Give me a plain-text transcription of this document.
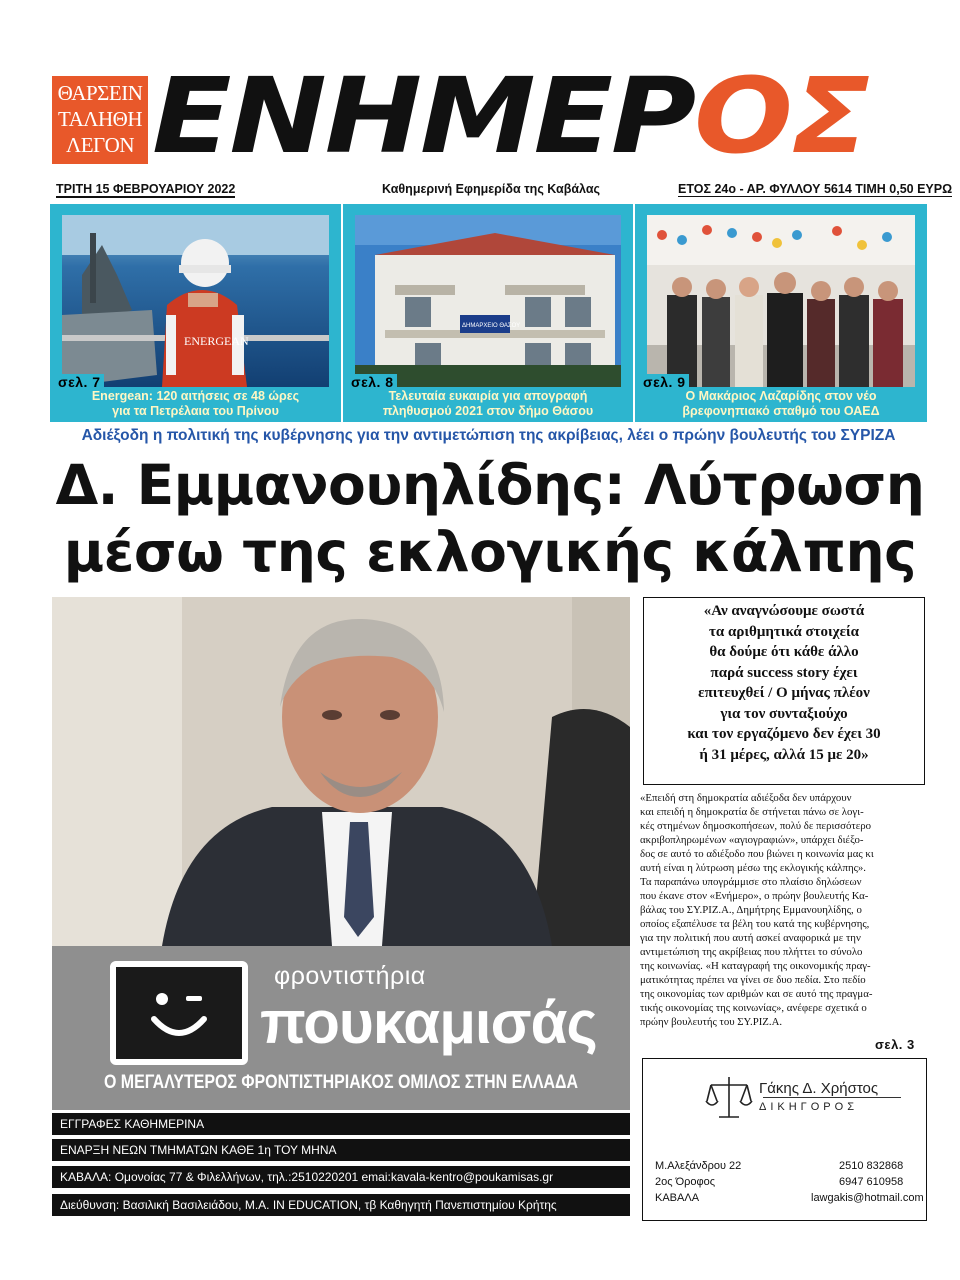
ΘΑΡΣΕΙΝ
ΤΑΛΗΘΗ
ΛΕΓΟΝ ΕΝΗΜΕΡΟΣ
ΤΡΙΤΗ 15 ΦΕΒΡΟΥΑΡΙΟΥ 2022	Καθημερινή Εφημερίδα της Καβάλας	ΕΤΟΣ 24ο - ΑΡ. ΦΥΛΛΟΥ 5614 ΤΙΜΗ 0,50 ΕΥΡΩ
ENERGEAN
σελ. 7
Energean: 120 αιτήσεις σε 48 ώρες
για τα Πετρέλαια του Πρίνου
ΔΗΜΑΡΧΕΙΟ ΘΑΣΟΥ
σελ. 8
Τελευταία ευκαιρία για απογραφή
πληθυσμού 2021 στον δήμο Θάσου
σελ. 9
Ο Μακάριος Λαζαρίδης στον νέο
βρεφονηπιακό σταθμό του ΟΑΕΔ
Αδιέξοδη η πολιτική της κυβέρνησης για την αντιμετώπιση της ακρίβειας, λέει ο πρώην βουλευτής του ΣΥΡΙΖΑ
Δ. Εμμανουηλίδης: Λύτρωση
μέσω της εκλογικής κάλπης
«Αν αναγνώσουμε σωστά
τα αριθμητικά στοιχεία
θα δούμε ότι κάθε άλλο
παρά success story έχει
επιτευχθεί / Ο μήνας πλέον
για τον συνταξιούχο
και τον εργαζόμενο δεν έχει 30
ή 31 μέρες, αλλά 15 με 20»
«Επειδή στη δημοκρατία αδιέξοδα δεν υπάρχουν
και επειδή η δημοκρατία δε στήνεται πάνω σε λογι-
κές στημένων δημοσκοπήσεων, πολύ δε περισσότερο
ακριβοπληρωμένων «αγιογραφιών», υπάρχει διέξο-
δος σε αυτό το αδιέξοδο που βιώνει η κοινωνία μας κι
αυτή είναι η λύτρωση μέσω της εκλογικής κάλπης».
Τα παραπάνω υπογράμμισε στο πλαίσιο δηλώσεων
που έκανε στον «Ενήμερο», ο πρώην βουλευτής Κα-
βάλας του ΣΥ.ΡΙΖ.Α., Δημήτρης Εμμανουηλίδης, ο
οποίος εξαπέλυσε τα βέλη του κατά της κυβέρνησης,
για την πολιτική που αυτή ασκεί αναφορικά με την
αντιμετώπιση της ακρίβειας που πλήττει το σύνολο
της κοινωνίας. «Η καταγραφή της οικονομικής πραγ-
ματικότητας πρέπει να γίνει σε δυο πεδία. Στο πεδίο
της οικονομίας των αριθμών και σε αυτό της πραγμα-
τικής οικονομίας της κοινωνίας», ανέφερε σχετικά ο
πρώην βουλευτής του ΣΥ.ΡΙΖ.Α.
σελ. 3
φροντιστήρια
πουκαμισάς
Ο ΜΕΓΑΛΥΤΕΡΟΣ ΦΡΟΝΤΙΣΤΗΡΙΑΚΟΣ ΟΜΙΛΟΣ ΣΤΗΝ ΕΛΛΑΔΑ
ΕΓΓΡΑΦΕΣ ΚΑΘΗΜΕΡΙΝΑ
ΕΝΑΡΞΗ ΝΕΩΝ ΤΜΗΜΑΤΩΝ ΚΑΘΕ 1η ΤΟΥ ΜΗΝΑ
ΚΑΒΑΛΑ: Ομονοίας 77 & Φιλελλήνων, τηλ.:2510220201 emai:kavala-kentro@poukamisas.gr
Διεύθυνση: Βασιλική Βασιλειάδου, M.A. IN EDUCATION, τβ Καθηγητή Πανεπιστημίου Κρήτης
Γάκης Δ. Χρήστος
ΔΙΚΗΓΟΡΟΣ
Μ.Αλεξάνδρου 22
2ος Όροφος
ΚΑΒΑΛΑ
2510 832868
6947 610958
lawgakis@hotmail.com
